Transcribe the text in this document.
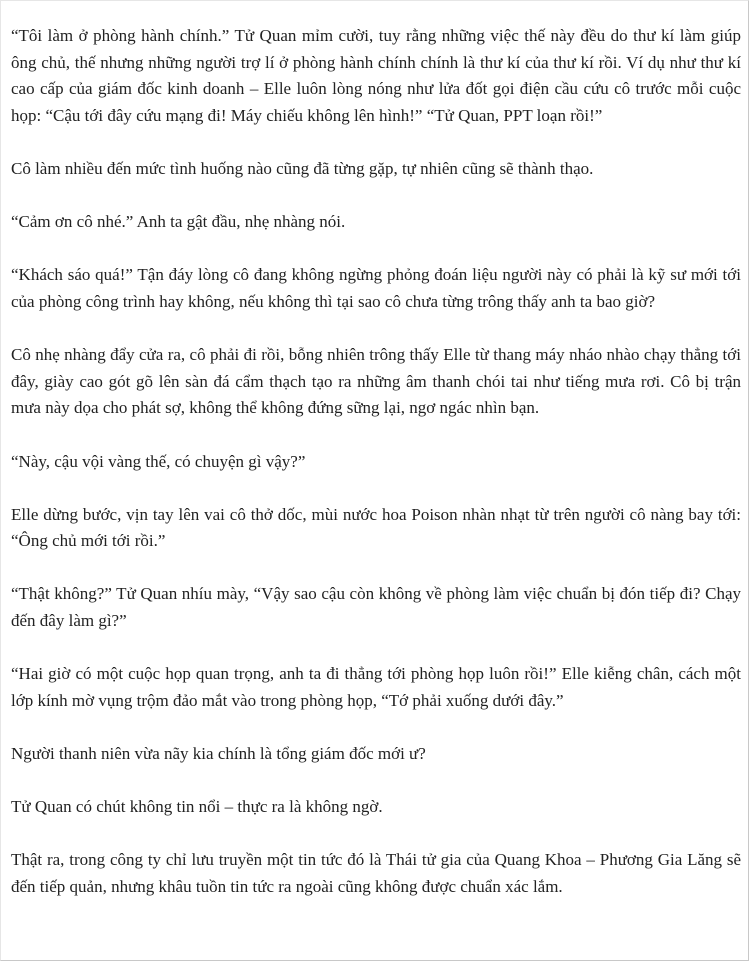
“Tôi làm ở phòng hành chính.” Tử Quan mỉm cười, tuy rằng những việc thế này đều do thư kí làm giúp ông chủ, thế nhưng những người trợ lí ở phòng hành chính chính là thư kí của thư kí rồi. Ví dụ như thư kí cao cấp của giám đốc kinh doanh – Elle luôn lòng nóng như lửa đốt gọi điện cầu cứu cô trước mỗi cuộc họp: “Cậu tới đây cứu mạng đi! Máy chiếu không lên hình!” “Tử Quan, PPT loạn rồi!”

Cô làm nhiều đến mức tình huống nào cũng đã từng gặp, tự nhiên cũng sẽ thành thạo.

“Cảm ơn cô nhé.” Anh ta gật đầu, nhẹ nhàng nói.

“Khách sáo quá!” Tận đáy lòng cô đang không ngừng phỏng đoán liệu người này có phải là kỹ sư mới tới của phòng công trình hay không, nếu không thì tại sao cô chưa từng trông thấy anh ta bao giờ?

Cô nhẹ nhàng đẩy cửa ra, cô phải đi rồi, bỗng nhiên trông thấy Elle từ thang máy nháo nhào chạy thẳng tới đây, giày cao gót gõ lên sàn đá cẩm thạch tạo ra những âm thanh chói tai như tiếng mưa rơi. Cô bị trận mưa này dọa cho phát sợ, không thể không đứng sững lại, ngơ ngác nhìn bạn.

“Này, cậu vội vàng thế, có chuyện gì vậy?”

Elle dừng bước, vịn tay lên vai cô thở dốc, mùi nước hoa Poison nhàn nhạt từ trên người cô nàng bay tới: “Ông chủ mới tới rồi.”

“Thật không?” Tử Quan nhíu mày, “Vậy sao cậu còn không về phòng làm việc chuẩn bị đón tiếp đi? Chạy đến đây làm gì?”

“Hai giờ có một cuộc họp quan trọng, anh ta đi thẳng tới phòng họp luôn rồi!” Elle kiễng chân, cách một lớp kính mờ vụng trộm đảo mắt vào trong phòng họp, “Tớ phải xuống dưới đây.”

Người thanh niên vừa nãy kia chính là tổng giám đốc mới ư?

Tử Quan có chút không tin nổi – thực ra là không ngờ.

Thật ra, trong công ty chỉ lưu truyền một tin tức đó là Thái tử gia của Quang Khoa – Phương Gia Lăng sẽ đến tiếp quản, nhưng khâu tuồn tin tức ra ngoài cũng không được chuẩn xác lắm.
